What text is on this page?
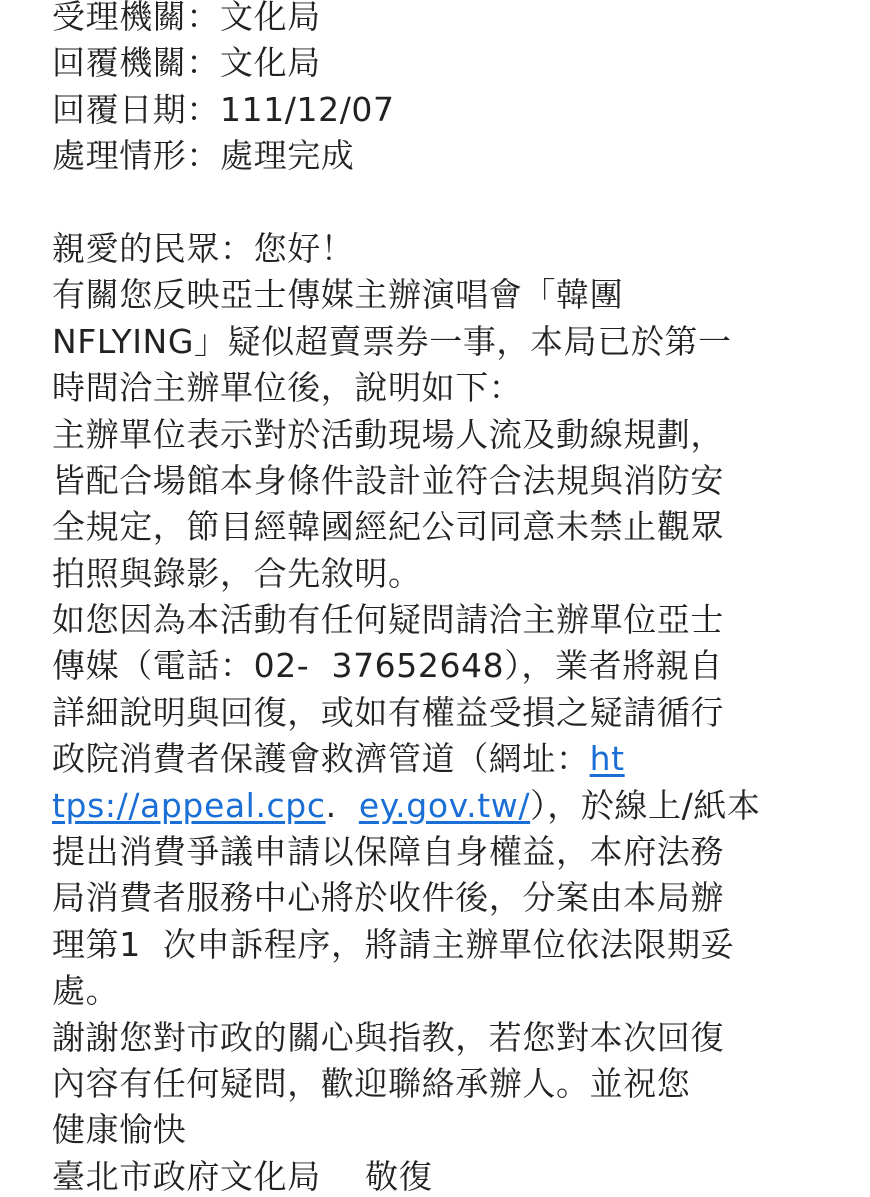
受理機關：文化局
回覆機關：文化局
回覆日期：111/12/07
處理情形：處理完成
親愛的民眾：您好！
有關您反映亞士傳媒主辦演唱會「韓團
NFLYING」疑似超賣票券一事，本局已於第一
時間洽主辦單位後，說明如下：
主辦單位表示對於活動現場人流及動線規劃，
皆配合場館本身條件設計並符合法規與消防安
全規定，節目經韓國經紀公司同意未禁止觀眾
拍照與錄影，合先敘明。
如您因為本活動有任何疑問請洽主辦單位亞士
傳媒（電話：02-  37652648），業者將親自
詳細說明與回復，或如有權益受損之疑請循行
政院消費者保護會救濟管道（網址：ht
tps://appeal.cpc.  ey.gov.tw/），於線上/紙本
提出消費爭議申請以保障自身權益，本府法務
局消費者服務中心將於收件後，分案由本局辦
理第1  次申訴程序，將請主辦單位依法限期妥
處。
謝謝您對市政的關心與指教，若您對本次回復
內容有任何疑問，歡迎聯絡承辦人。並祝您
健康愉快
臺北市政府文化局    敬復
